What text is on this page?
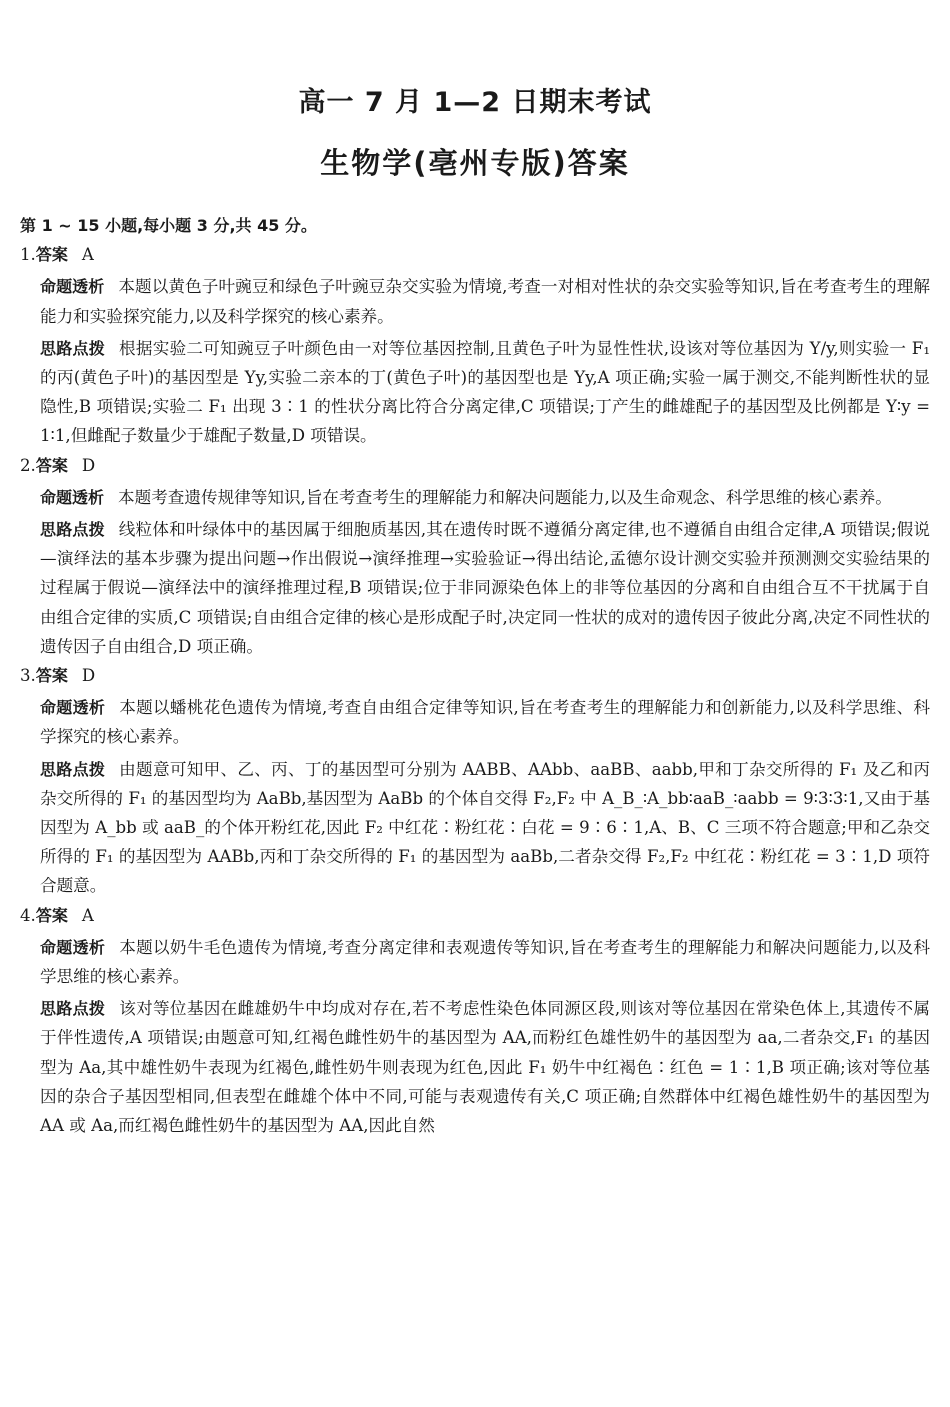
高一 7 月 1—2 日期末考试
生物学(亳州专版)答案
第 1 ~ 15 小题,每小题 3 分,共 45 分。
1.答案 A

命题透析 本题以黄色子叶豌豆和绿色子叶豌豆杂交实验为情境,考查一对相对性状的杂交实验等知识,旨在考查考生的理解能力和实验探究能力,以及科学探究的核心素养。

思路点拨 根据实验二可知豌豆子叶颜色由一对等位基因控制,且黄色子叶为显性性状,设该对等位基因为 Y/y,则实验一 F₁ 的丙(黄色子叶)的基因型是 Yy,实验二亲本的丁(黄色子叶)的基因型也是 Yy,A 项正确;实验一属于测交,不能判断性状的显隐性,B 项错误;实验二 F₁ 出现 3∶1 的性状分离比符合分离定律,C 项错误;丁产生的雌雄配子的基因型及比例都是 Y∶y = 1∶1,但雌配子数量少于雄配子数量,D 项错误。

2.答案 D

命题透析 本题考查遗传规律等知识,旨在考查考生的理解能力和解决问题能力,以及生命观念、科学思维的核心素养。

思路点拨 线粒体和叶绿体中的基因属于细胞质基因,其在遗传时既不遵循分离定律,也不遵循自由组合定律,A 项错误;假说—演绎法的基本步骤为提出问题→作出假说→演绎推理→实验验证→得出结论,孟德尔设计测交实验并预测测交实验结果的过程属于假说—演绎法中的演绎推理过程,B 项错误;位于非同源染色体上的非等位基因的分离和自由组合互不干扰属于自由组合定律的实质,C 项错误;自由组合定律的核心是形成配子时,决定同一性状的成对的遗传因子彼此分离,决定不同性状的遗传因子自由组合,D 项正确。

3.答案 D

命题透析 本题以蟠桃花色遗传为情境,考查自由组合定律等知识,旨在考查考生的理解能力和创新能力,以及科学思维、科学探究的核心素养。

思路点拨 由题意可知甲、乙、丙、丁的基因型可分别为 AABB、AAbb、aaBB、aabb,甲和丁杂交所得的 F₁ 及乙和丙杂交所得的 F₁ 的基因型均为 AaBb,基因型为 AaBb 的个体自交得 F₂,F₂ 中 A_B_∶A_bb∶aaB_∶aabb = 9∶3∶3∶1,又由于基因型为 A_bb 或 aaB_的个体开粉红花,因此 F₂ 中红花∶粉红花∶白花 = 9∶6∶1,A、B、C 三项不符合题意;甲和乙杂交所得的 F₁ 的基因型为 AABb,丙和丁杂交所得的 F₁ 的基因型为 aaBb,二者杂交得 F₂,F₂ 中红花∶粉红花 = 3∶1,D 项符合题意。

4.答案 A

命题透析 本题以奶牛毛色遗传为情境,考查分离定律和表观遗传等知识,旨在考查考生的理解能力和解决问题能力,以及科学思维的核心素养。

思路点拨 该对等位基因在雌雄奶牛中均成对存在,若不考虑性染色体同源区段,则该对等位基因在常染色体上,其遗传不属于伴性遗传,A 项错误;由题意可知,红褐色雌性奶牛的基因型为 AA,而粉红色雄性奶牛的基因型为 aa,二者杂交,F₁ 的基因型为 Aa,其中雄性奶牛表现为红褐色,雌性奶牛则表现为红色,因此 F₁ 奶牛中红褐色∶红色 = 1∶1,B 项正确;该对等位基因的杂合子基因型相同,但表型在雌雄个体中不同,可能与表观遗传有关,C 项正确;自然群体中红褐色雄性奶牛的基因型为 AA 或 Aa,而红褐色雌性奶牛的基因型为 AA,因此自然
